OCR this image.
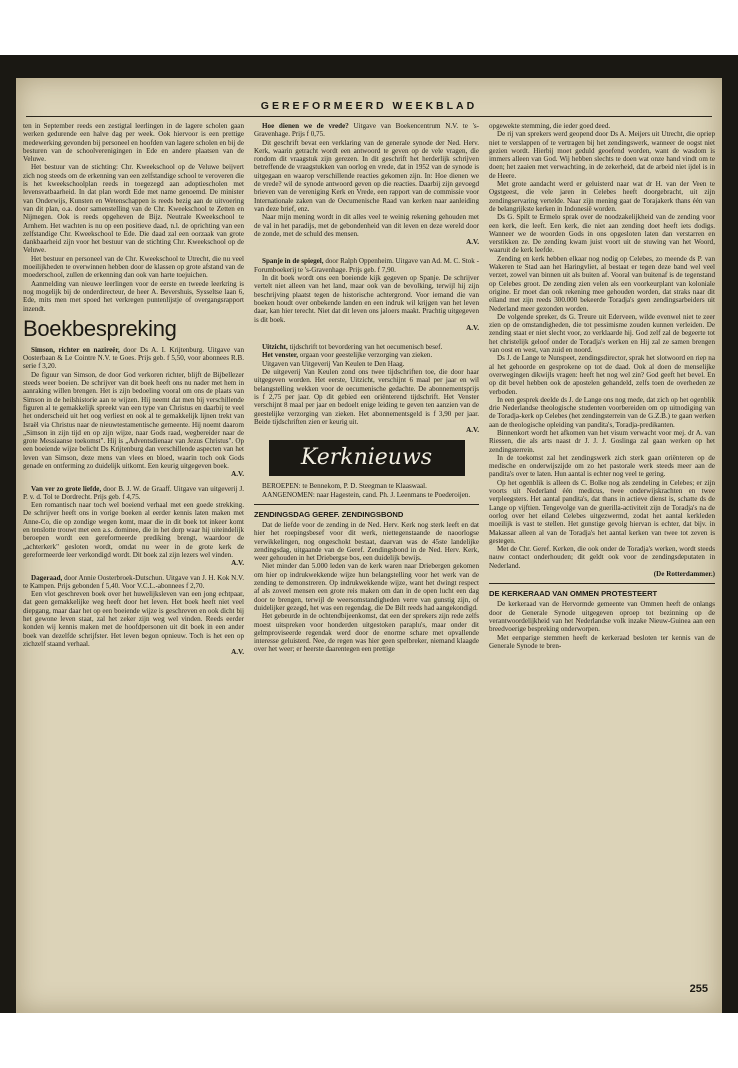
GEREFORMEERD WEEKBLAD

ten in September reeds een zestigtal leerlingen in de lagere scholen gaan werken gedurende een halve dag per week. Ook hiervoor is een prettige medewerking gevonden bij personeel en hoofden van lagere scholen en bij de besturen van de schoolverenigingen in Ede en andere plaatsen van de Veluwe.

Het bestuur van de stichting: Chr. Kweekschool op de Veluwe beijvert zich nog steeds om de erkenning van een zelfstandige school te veroveren die is het kweekschoolplan reeds in toegezegd aan adoptiescholen met levensvatbaarheid. In dat plan wordt Ede met name genoemd. De minister van Onderwijs, Kunsten en Wetenschappen is reeds bezig aan de uitvoering van dit plan, o.a. door samenstelling van de Chr. Kweekschool te Zetten en Nijmegen. Ook is reeds opgeheven de Bijz. Neutrale Kweekschool te Arnhem. Het wachten is nu op een positieve daad, n.l. de oprichting van een zelfstandige Chr. Kweekschool te Ede. Die daad zal een oorzaak van grote dankbaarheid zijn voor het bestuur van de stichting Chr. Kweekschool op de Veluwe.

Het bestuur en personeel van de Chr. Kweekschool te Utrecht, die nu veel moeilijkheden te overwinnen hebben door de klassen op grote afstand van de moederschool, zullen de erkenning dan ook van harte toejuichen.

Aanmelding van nieuwe leerlingen voor de eerste en tweede leerkring is nog mogelijk bij de onderdirecteur, de heer A. Bevershuis, Sysseltse laan 6, Ede, mits men met spoed het verkregen puntenlijstje of overgangsrapport inzendt.

Boekbespreking

Simson, richter en nazireër, door Ds A. I. Krijtenburg. Uitgave van Oosterbaan & Le Cointre N.V. te Goes. Prijs geb. f 5,50, voor abonnees R.B. serie f 3,20.

De figuur van Simson, de door God verkoren richter, blijft de Bijbellezer steeds weer boeien. De schrijver van dit boek heeft ons nu nader met hem in aanraking willen brengen. Het is zijn bedoeling vooral om ons de plaats van Simson in de heilshistorie aan te wijzen. Hij neemt dat men bij verschillende figuren al te gemakkelijk spreekt van een type van Christus en daarbij te veel het onderscheid uit het oog verliest en ook al te gemakkelijk lijnen trekt van Israël via Christus naar de nieuwtestamentische gemeente. Hij noemt daarom „Simson in zijn tijd en op zijn wijze, naar Gods raad, wegbereider naar de grote Messiaanse toekomst". Hij is „Adventsdienaar van Jezus Christus". Op een boeiende wijze belicht Ds Krijtenburg dan verschillende aspecten van het leven van Simson, deze mens van vlees en bloed, waarin toch ook Gods genade en ontferming zo duidelijk uitkomt. Een keurig uitgegeven boek.

A.V.

Van ver zo grote liefde, door B. J. W. de Graaff. Uitgave van uitgeverij J. P. v. d. Tol te Dordrecht. Prijs geb. f 4,75.

Een romantisch naar toch wel boeiend verhaal met een goede strekking. De schrijver heeft ons in vorige boeken al eerder kennis laten maken met Anne-Co, die op zondige wegen komt, maar die in dit boek tot inkeer komt en tenslotte trouwt met een a.s. dominee, die in het dorp waar hij uiteindelijk beroepen wordt een gereformeerde prediking brengt, waardoor de „achterkerk" gesloten wordt, omdat nu weer in de grote kerk de gereformeerde leer verkondigd wordt. Dit boek zal zijn lezers wel vinden.

A.V.

Dageraad, door Annie Oosterbroek-Dutschun. Uitgave van J. H. Kok N.V. te Kampen. Prijs gebonden f 5,40. Voor V.C.L.-abonnees f 2,70.

Een vlot geschreven boek over het huwelijksleven van een jong echtpaar, dat geen gemakkelijke weg heeft door het leven. Het boek heeft niet veel diepgang, maar daar het op een boeiende wijze is geschreven en ook dicht bij het gewone leven staat, zal het zeker zijn weg wel vinden. Reeds eerder konden wij kennis maken met de hoofdpersonen uit dit boek in een ander boek van dezelfde schrijfster. Het leven begon opnieuw. Toch is het een op zichzelf staand verhaal.

A.V.

Hoe dienen we de vrede? Uitgave van Boekencentrum N.V. te 's-Gravenhage. Prijs f 0,75.

Dit geschrift bevat een verklaring van de generale synode der Ned. Herv. Kerk, waarin getracht wordt een antwoord te geven op de vele vragen, die rondom dit vraagstuk zijn gerezen. In dit geschrift het herderlijk schrijven betreffende de vraagstukken van oorlog en vrede, dat in 1952 van de synode is uitgegaan en waarop verschillende reacties gekomen zijn. In: Hoe dienen we de vrede? wil de synode antwoord geven op die reacties. Daarbij zijn gevoegd brieven van de vereniging Kerk en Vrede, een rapport van de commissie voor Internationale zaken van de Oecumenische Raad van kerken naar aanleiding van deze brief, enz.

Naar mijn mening wordt in dit alles veel te weinig rekening gehouden met de val in het paradijs, met de gebondenheid van dit leven en deze wereld door de zonde, met de schuld des mensen.

A.V.

Spanje in de spiegel, door Ralph Oppenheim. Uitgave van Ad. M. C. Stok - Forumboekerij te 's-Gravenhage. Prijs geb. f 7,90.

In dit boek wordt ons een boeiende kijk gegeven op Spanje. De schrijver vertelt niet alleen van het land, maar ook van de bevolking, terwijl hij zijn beschrijving plaatst tegen de historische achtergrond. Voor iemand die van boeken houdt over onbekende landen en een indruk wil krijgen van het leven daar, kan hier terecht. Niet dat dit leven ons jaloers maakt. Prachtig uitgegeven is dit boek.

A.V.

Uitzicht, tijdschrift tot bevordering van het oecumenisch besef.

Het venster, orgaan voor geestelijke verzorging van zieken.

Uitgaven van Uitgeverij Van Keulen te Den Haag.

De uitgeverij Van Keulen zond ons twee tijdschriften toe, die door haar uitgegeven worden. Het eerste, Uitzicht, verschijnt 6 maal per jaar en wil belangstelling wekken voor de oecumenische gedachte. De abonnementsprijs is f 2,75 per jaar. Op dit gebied een oriënterend tijdschrift. Het Venster verschijnt 8 maal per jaar en bedoelt enige leiding te geven ten aanzien van de geestelijke verzorging van zieken. Het abonnementsgeld is f 3,90 per jaar. Beide tijdschriften zien er keurig uit.

A.V.
Kerknieuws

BEROEPEN: te Bennekom, P. D. Steegman te Klaaswaal.

AANGENOMEN: naar Hagestein, cand. Ph. J. Leenmans te Poederoijen.

ZENDINGSDAG GEREF. ZENDINGSBOND

Dat de liefde voor de zending in de Ned. Herv. Kerk nog sterk leeft en dat hier het roepingsbesef voor dit werk, niettegenstaande de naoorlogse verwikkelingen, nog ongeschokt bestaat, daarvan was de 45ste landelijke zendingsdag, uitgaande van de Geref. Zendingsbond in de Ned. Herv. Kerk, weer gehouden in het Driebergse bos, een duidelijk bewijs.

Niet minder dan 5.000 leden van de kerk waren naar Driebergen gekomen om hier op indrukwekkende wijze hun belangstelling voor het werk van de zending te demonstreren. Op indrukwekkende wijze, want het dwingt respect af als zoveel mensen een grote reis maken om dan in de open lucht een dag door te brengen, terwijl de weersomstandigheden verre van gunstig zijn, of duidelijker gezegd, het was een regendag, die De Bilt reeds had aangekondigd.

Het gebeurde in de ochtendbijeenkomst, dat een der sprekers zijn rede zelfs moest uitspreken voor honderden uitgestoken paraplu's, maar onder dit gelmproviseerde regendak werd door de enorme schare met opvallende interesse geluisterd. Nee, de regen was hier geen spelbreker, niemand klaagde over het weer; er heerste daarentegen een prettige

opgewekte stemming, die ieder goed deed.

De rij van sprekers werd geopend door Ds A. Meijers uit Utrecht, die opriep niet te verslappen of te vertragen bij het zendingswerk, wanneer de oogst niet gezien wordt. Hierbij moet geduld geoefend worden, want de wasdom is immers alleen van God. Wij hebben slechts te doen wat onze hand vindt om te doen; het zaaien met verwachting, in de zekerheid, dat de arbeid niet ijdel is in de Heere.

Met grote aandacht werd er geluisterd naar wat dr H. van der Veen te Ogstgeest, die vele jaren in Celebes heeft doorgebracht, uit zijn zendingservaring vertelde. Naar zijn mening gaat de Torajakerk thans één van de belangrijkste kerken in Indonesië worden.

Ds G. Spilt te Ermelo sprak over de noodzakelijkheid van de zending voor een kerk, die leeft. Een kerk, die niet aan zending doet heeft iets dodigs. Wanneer we de woorden Gods in ons opgesloten laten dan verstarren en verstikken ze. De zending kwam juist voort uit de stuwing van het Woord, waaruit de kerk leefde.

Zending en kerk hebben elkaar nog nodig op Celebes, zo meende ds P. van Wakeren te Stad aan het Haringvliet, al bestaat er tegen deze band wel veel verzet, zowel van binnen uit als buiten af. Vooral van buitenaf is de tegenstand op Celebes groot. De zending zien velen als een voorkeurplant van koloniale origine. Er moet dan ook rekening mee gehouden worden, dat straks naar dit eiland met zijn reeds 300.000 bekeerde Toradja's geen zendingsarbeiders uit Nederland meer gezonden worden.

De volgende spreker, ds G. Treure uit Ederveen, wilde evenwel niet te zeer zien op de omstandigheden, die tot pessimisme zouden kunnen verleiden. De zending staat er niet slecht voor, zo verklaarde hij. God zelf zal de begeerte tot het christelijk geloof onder de Toradja's werken en Hij zal ze samen brengen van oost en west, van zuid en noord.

Ds J. de Lange te Nunspeet, zendingsdirector, sprak het slotwoord en riep na al het gehoorde en gesprokene op tot de daad. Ook al doen de menselijke overwegingen dikwijls vragen: heeft het nog wel zin? God geeft het bevel. En op dit bevel hebben ook de apostelen gehandeld, zelfs toen de overheden ze verboden.

In een gesprek deelde ds J. de Lange ons nog mede, dat zich op het ogenblik drie Nederlandse theologische studenten voorbereiden om op uitnodiging van de Toradja-kerk op Celebes (het zendingsterrein van de G.Z.B.) te gaan werken aan de theologische opleiding van pandita's, Toradja-predikanten.

Binnenkort wordt het afkomen van het visum verwacht voor mej. dr A. van Riessen, die als arts naast dr J. J. J. Goslinga zal gaan werken op het zendingsterrein.

In de toekomst zal het zendingswerk zich sterk gaan oriënteren op de medische en onderwijszijde om zo het pastorale werk steeds meer aan de pandita's over te laten. Hun aantal is echter nog veel te gering.

Op het ogenblik is alleen ds C. Bolke nog als zendeling in Celebes; er zijn voorts uit Nederland één medicus, twee onderwijskrachten en twee verpleegsters. Het aantal pandita's, dat thans in actieve dienst is, schatte ds de Lange op vijftien. Tengevolge van de guerilla-activiteit zijn de Toradja's na de oorlog over het eiland Celebes uitgezwermd, zodat het aantal kerkleden moeilijk is vast te stellen. Het gunstige gevolg hiervan is echter, dat bijv. in Makassar alleen al van de Toradja's het aantal kerken van twee tot zeven is gestegen.

Met de Chr. Geref. Kerken, die ook onder de Toradja's werken, wordt steeds nauw contact onderhouden; dit geldt ook voor de zendingsdeputaten in Nederland.

(De Rotterdammer.)
DE KERKERAAD VAN OMMEN PROTESTEERT

De kerkeraad van de Hervormde gemeente van Ommen heeft de onlangs door de Generale Synode uitgegeven oproep tot bezinning op de verantwoordelijkheid van het Nederlandse volk inzake Nieuw-Guinea aan een breedvoerige bespreking onderworpen.

Met eenparige stemmen heeft de kerkeraad besloten ter kennis van de Generale Synode te bren-

255
